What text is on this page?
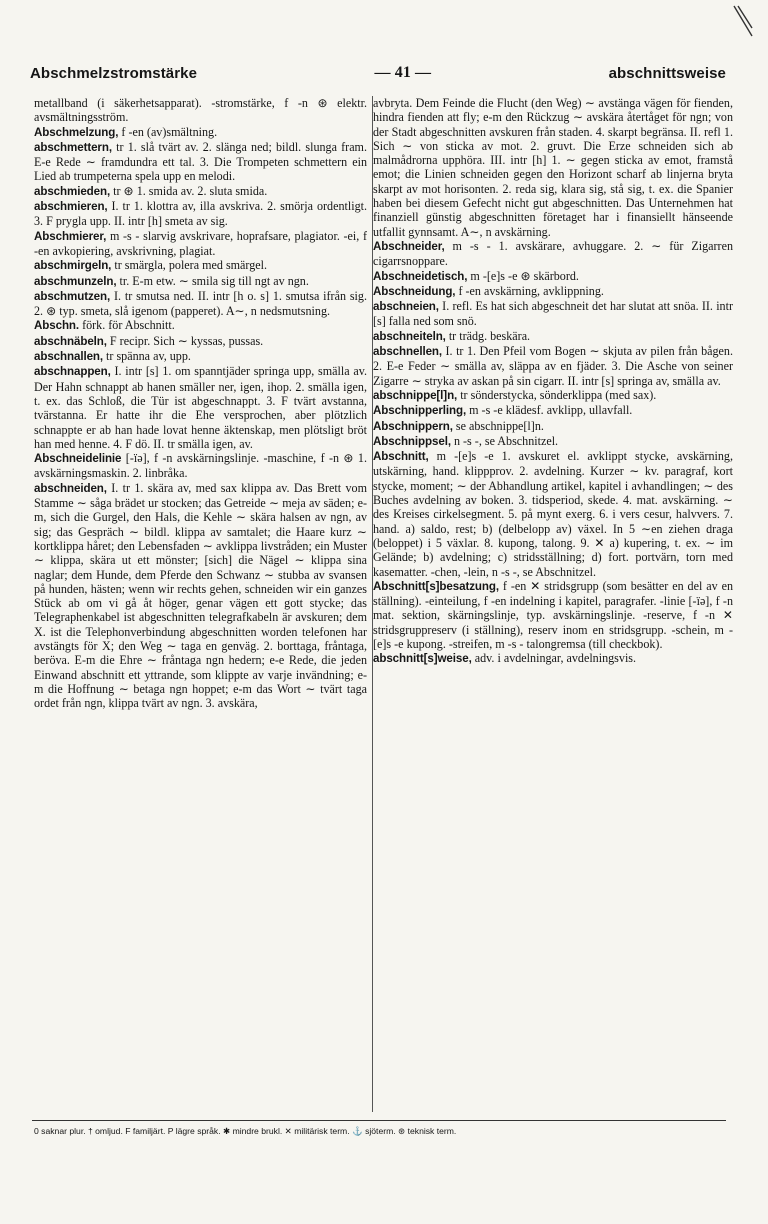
Abschmelzstromstärke	— 41 —	abschnittsweise

metallband (i säkerhetsapparat). -stromstärke, f -n ⊛ elektr. avsmältningsström.

Abschmelzung, f -en (av)smältning.

abschmettern, tr 1. slå tvärt av. 2. slänga ned; bildl. slunga fram. E-e Rede ∼ framdundra ett tal. 3. Die Trompeten schmettern ein Lied ab trumpeterna spela upp en melodi.

abschmieden, tr ⊛ 1. smida av. 2. sluta smida.

abschmieren, I. tr 1. klottra av, illa avskriva. 2. smörja ordentligt. 3. F prygla upp. II. intr [h] smeta av sig.

Abschmierer, m -s - slarvig avskrivare, hoprafsare, plagiator. -ei, f -en avkopiering, avskrivning, plagiat.

abschmirgeln, tr smärgla, polera med smärgel.

abschmunzeln, tr. E-m etw. ∼ smila sig till ngt av ngn.

abschmutzen, I. tr smutsa ned. II. intr [h o. s] 1. smutsa ifrån sig. 2. ⊛ typ. smeta, slå igenom (papperet). A∼, n nedsmutsning.

Abschn. förk. för Abschnitt.

abschnäbeln, F recipr. Sich ∼ kyssas, pussas.

abschnallen, tr spänna av, upp.

abschnappen, I. intr [s] 1. om spanntjäder springa upp, smälla av. Der Hahn schnappt ab hanen smäller ner, igen, ihop. 2. smälla igen, t. ex. das Schloß, die Tür ist abgeschnappt. 3. F tvärt avstanna, tvärstanna. Er hatte ihr die Ehe versprochen, aber plötzlich schnappte er ab han hade lovat henne äktenskap, men plötsligt bröt han med henne. 4. F dö. II. tr smälla igen, av.

Abschneidelinie [-ïə], f -n avskärningslinje. -maschine, f -n ⊛ 1. avskärningsmaskin. 2. linbråka.

abschneiden, I. tr 1. skära av, med sax klippa av. Das Brett vom Stamme ∼ såga brädet ur stocken; das Getreide ∼ meja av säden; e-m, sich die Gurgel, den Hals, die Kehle ∼ skära halsen av ngn, av sig; das Gespräch ∼ bildl. klippa av samtalet; die Haare kurz ∼ kortklippa håret; den Lebensfaden ∼ avklippa livstråden; ein Muster ∼ klippa, skära ut ett mönster; [sich] die Nägel ∼ klippa sina naglar; dem Hunde, dem Pferde den Schwanz ∼ stubba av svansen på hunden, hästen; wenn wir rechts gehen, schneiden wir ein ganzes Stück ab om vi gå åt höger, genar vägen ett gott stycke; das Telegraphenkabel ist abgeschnitten telegrafkabeln är avskuren; dem X. ist die Telephonverbindung abgeschnitten worden telefonen har avstängts för X; den Weg ∼ taga en genväg. 2. borttaga, fråntaga, beröva. E-m die Ehre ∼ fråntaga ngn hedern; e-e Rede, die jeden Einwand abschnitt ett yttrande, som klippte av varje invändning; e-m die Hoffnung ∼ betaga ngn hoppet; e-m das Wort ∼ tvärt taga ordet från ngn, klippa tvärt av ngn. 3. avskära,

avbryta. Dem Feinde die Flucht (den Weg) ∼ avstänga vägen för fienden, hindra fienden att fly; e-m den Rückzug ∼ avskära återtåget för ngn; von der Stadt abgeschnitten avskuren från staden. 4. skarpt begränsa. II. refl 1. Sich ∼ von sticka av mot. 2. gruvt. Die Erze schneiden sich ab malmådrorna upphöra. III. intr [h] 1. ∼ gegen sticka av emot, framstå emot; die Linien schneiden gegen den Horizont scharf ab linjerna bryta skarpt av mot horisonten. 2. reda sig, klara sig, stå sig, t. ex. die Spanier haben bei diesem Gefecht nicht gut abgeschnitten. Das Unternehmen hat finanziell günstig abgeschnitten företaget har i finansiellt hänseende utfallit gynnsamt. A∼, n avskärning.

Abschneider, m -s - 1. avskärare, avhuggare. 2. ∼ für Zigarren cigarrsnoppare.

Abschneidetisch, m -[e]s -e ⊛ skärbord.

Abschneidung, f -en avskärning, avklippning.

abschneien, I. refl. Es hat sich abgeschneit det har slutat att snöa. II. intr [s] falla ned som snö.

abschneiteln, tr trädg. beskära.

abschnellen, I. tr 1. Den Pfeil vom Bogen ∼ skjuta av pilen från bågen. 2. E-e Feder ∼ smälla av, släppa av en fjäder. 3. Die Asche von seiner Zigarre ∼ stryka av askan på sin cigarr. II. intr [s] springa av, smälla av.

abschnippe[l]n, tr sönderstycka, sönderklippa (med sax).

Abschnipperling, m -s -e klädesf. avklipp, ullavfall.

Abschnippern, se abschnippe[l]n.

Abschnippsel, n -s -, se Abschnitzel.

Abschnitt, m -[e]s -e 1. avskuret el. avklippt stycke, avskärning, utskärning, hand. klippprov. 2. avdelning. Kurzer ∼ kv. paragraf, kort stycke, moment; ∼ der Abhandlung artikel, kapitel i avhandlingen; ∼ des Buches avdelning av boken. 3. tidsperiod, skede. 4. mat. avskärning. ∼ des Kreises cirkelsegment. 5. på mynt exerg. 6. i vers cesur, halvvers. 7. hand. a) saldo, rest; b) (delbelopp av) växel. In 5 ∼en ziehen draga (beloppet) i 5 växlar. 8. kupong, talong. 9. ✕ a) kupering, t. ex. ∼ im Gelände; b) avdelning; c) stridsställning; d) fort. portvärn, torn med kasematter. -chen, -lein, n -s -, se Abschnitzel.

Abschnitt[s]besatzung, f -en ✕ stridsgrupp (som besätter en del av en ställning). -einteilung, f -en indelning i kapitel, paragrafer. -linie [-ïə], f -n mat. sektion, skärningslinje, typ. avskärningslinje. -reserve, f -n ✕ stridsgruppreserv (i ställning), reserv inom en stridsgrupp. -schein, m -[e]s -e kupong. -streifen, m -s - talongremsa (till checkbok).

abschnitt[s]weise, adv. i avdelningar, avdelningsvis.

0 saknar plur. † omljud. F familjärt. P lägre språk. ✱ mindre brukl. ✕ militärisk term. ⚓ sjöterm. ⊛ teknisk term.
